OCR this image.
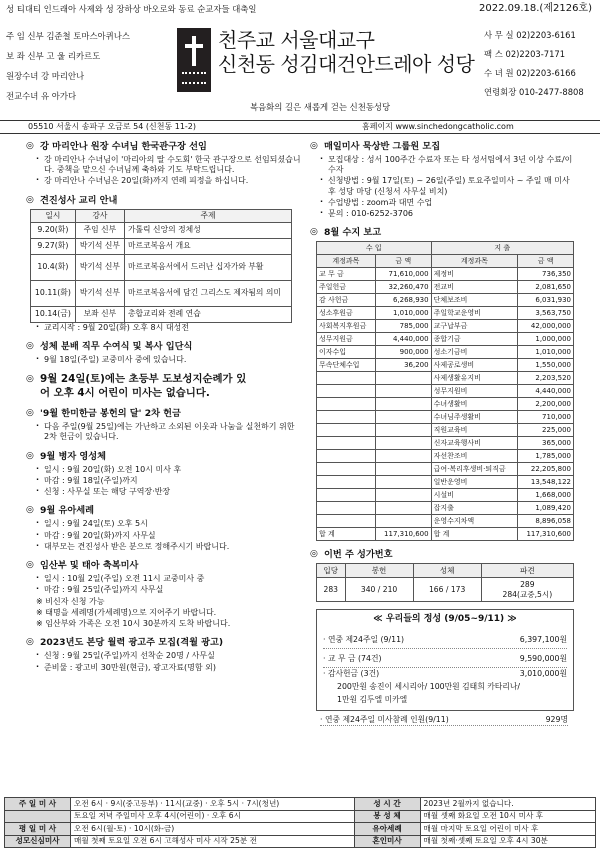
성 티대티 인드래아 사제와 성 장하상 바오로와 동료 순교자들 대축일	2022.09.18.(제2126호)
주 임 신부 김준철 토마스아퀴나스
보 좌 신부 고 울 리카르도
원장수녀 강 마리안나
전교수녀 유 아가다
천주교 서울대교구
신천동 성김대건안드레아 성당
복음화의 길은 새롭게 걷는 신천동성당
사 무 실 02)2203-6161
팩 스 02)2203-7171
수 녀 원 02)2203-6166
연령회장 010-2477-8808
05510 서울시 송파구 오금로 54 (신천동 11-2)	홈페이지 www.sinchedongcatholic.com
◎ 강 마리안나 원장 수녀님 한국관구장 선임
· 강 마리안나 수녀님이 '마리아의 딸 수도회' 한국 관구장으로 선임되셨습니다. 중책을 맡으신 수녀님께 축하와 기도 부탁드립니다.
· 강 마리안나 수녀님은 20일(화)까지 연례 피정을 하십니다.
◎ 견진성사 교리 안내
일시	강사	주제
9.20(화)	주임 신부	가톨릭 신앙의 정체성
9.27(화)	박기석 신부	마르코복음서 개요
10.4(화)	박기석 신부	마르코복음서에서 드러난 십자가와 부활
10.11(화)	박기석 신부	마르코복음서에 담긴 그리스도 제자됨의 의미
10.14(금)	보좌 신부	총합교리와 전례 연습
· 교리시작 : 9월 20일(화) 오후 8시 대성전
◎ 성체 분배 직무 수여식 및 복사 입단식
· 9월 18일(주일) 교중미사 중에 있습니다.
◎ 9월 24일(토)에는 초등부 도보성지순례가 있
어 오후 4시 어린이 미사는 없습니다.
◎ '9월 한미한금 봉헌의 달' 2차 헌금
· 다음 주일(9월 25일)에는 가난하고 소외된 이웃과 나눔을 실천하기 위한 2차 헌금이 있습니다.
◎ 9월 병자 영성체
· 일시 : 9월 20일(화) 오전 10시 미사 후
· 마감 : 9월 18일(주일)까지
· 신청 : 사무실 또는 해당 구역장·반장
◎ 9월 유아세례
· 일시 : 9월 24일(토) 오후 5시
· 마감 : 9월 20일(화)까지 사무실
· 대부모는 견진성사 받은 분으로 정해주시기 바랍니다.
◎ 임산부 및 태아 축복미사
· 일시 : 10월 2일(주일) 오전 11시 교중미사 중
· 마감 : 9월 25일(주일)까지 사무실
※ 비신자 신청 가능
※ 태명을 세례명(가세례명)으로 지어주기 바랍니다.
※ 임산부와 가족은 오전 10시 30분까지 도착 바랍니다.
◎ 2023년도 본당 월력 광고주 모집(격월 광고)
· 신청 : 9월 25일(주일)까지 선착순 20명 / 사무실
· 준비물 : 광고비 30만원(현금), 광고자료(명함 외)
◎ 매일미사 묵상반 그룹원 모집
· 모집대상 : 성서 100주간 수료자 또는 타 성서팀에서 3년 이상 수료/이수자
· 신청방법 : 9월 17일(토) ~ 26일(주일) 토요주일미사 ~ 주일 매 미사 후 성당 마당 (신청서 사무실 비치)
· 수업방법 : zoom과 대면 수업
· 문의 : 010-6252-3706
◎ 8월 수지 보고
수 입		지 출	
계정과목	금 액	계정과목	금 액
교 무 금	71,610,000	제정비	736,350
주일헌금	32,260,470	전교비	2,081,650
감 사헌금	6,268,930	단체보조비	6,031,930
성소후원금	1,010,000	주일학교운영비	3,563,750
사회복지후원금	785,000	교구납부금	42,000,000
성무지원금	4,440,000	종합기금	1,000,000
이자수입	900,000	성소기금비	1,010,000
무속단체수입	36,200	사제공로생비	1,550,000
		사제생활유지비	2,203,520
		성무지원비	4,440,000
		수녀생활비	2,200,000
		수녀님주생활비	710,000
		직원교육비	225,000
		신자교육행사비	365,000
		자선찬조비	1,785,000
		급여·복리후생비·퇴직금	22,205,800
		일반운영비	13,548,122
		시설비	1,668,000
		잡지출	1,089,420
		운영수지차액	8,896,058
합 계	117,310,600	합 계	117,310,600
◎ 이번 주 성가번호
입당	봉헌	성체	파견
283	340 / 210	166 / 173	289
284(교중,5시)
≪ 우리들의 정성 (9/05~9/11) ≫
· 연중 제24주일 (9/11)	6,397,100원
· 교 무 금 (74건)	9,590,000원
· 감사헌금 (3건)	3,010,000원
200만원 송진이 세시리아/ 100만원 김태희 카타리나/
1만원 김두엘 미카엘
· 연중 제24주일 미사참례 인원(9/11)	929명
주 일 미 사	오전 6시 · 9시(중고등부) · 11시(교중) · 오후 5시 · 7시(청년)	성 시 간	2023년 2월까지 없습니다.
	토요일 저녁 주일미사 오후 4시(어린이) · 오후 6시	봉 성 체	매월 셋째 화요일 오전 10시 미사 후
평 일 미 사	오전 6시(월-토) · 10시(화-금)	유아세례	매월 마지막 토요일 어린이 미사 후
성모신심미사	매월 첫째 토요일 오전 6시 고해성사 미사 시작 25분 전	혼인미사	매월 첫째·셋째 토요일 오후 4시 30분
